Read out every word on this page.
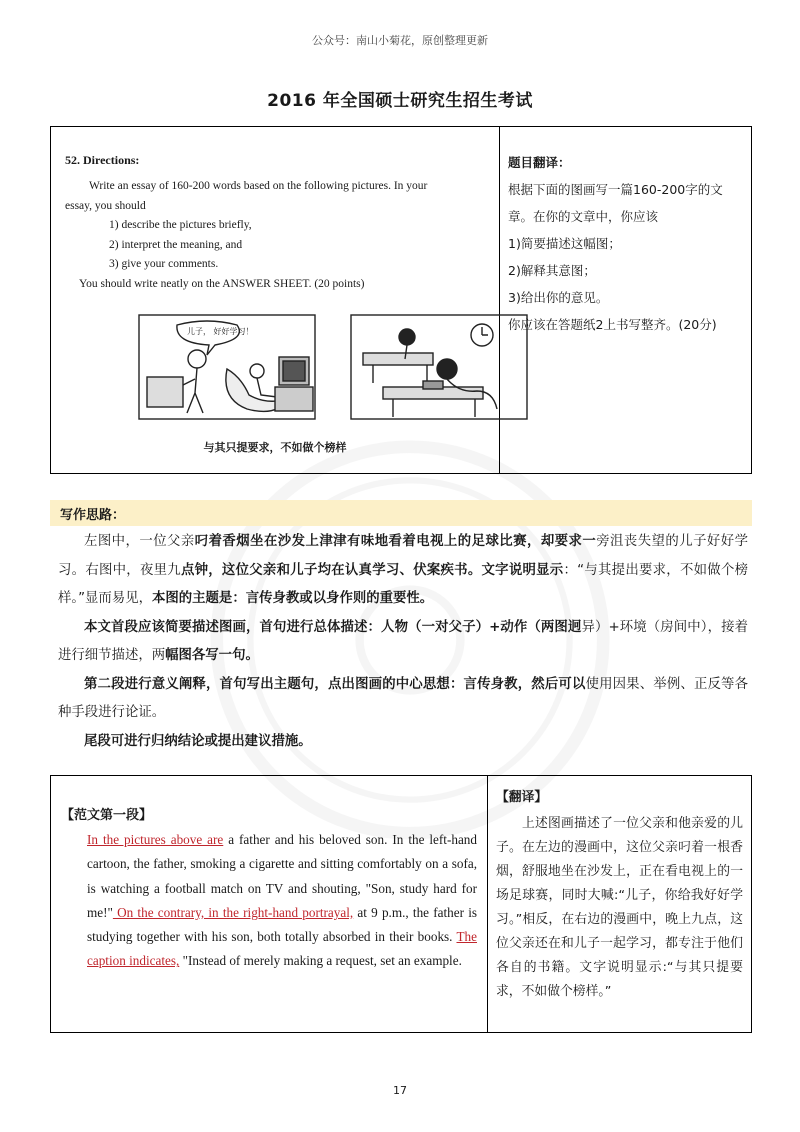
公众号：南山小菊花，原创整理更新
2016 年全国硕士研究生招生考试
52. Directions:
Write an essay of 160-200 words based on the following pictures. In your
essay, you should
1) describe the pictures briefly,
2) interpret the meaning, and
3) give your comments.
You should write neatly on the ANSWER SHEET. (20 points)
儿子， 好好学习！
与其只提要求，不如做个榜样
题目翻译：
根据下面的图画写一篇160-200字的文章。在你的文章中，你应该
1)简要描述这幅图；
2)解释其意图；
3)给出你的意见。
你应该在答题纸2上书写整齐。(20分)
写作思路：

左图中，一位父亲叼着香烟坐在沙发上津津有味地看着电视上的足球比赛，却要求一旁沮丧失望的儿子好好学习。右图中，夜里九点钟，这位父亲和儿子均在认真学习、伏案疾书。文字说明显示：“与其提出要求，不如做个榜样。”显而易见，本图的主题是：言传身教或以身作则的重要性。

本文首段应该简要描述图画，首句进行总体描述：人物（一对父子）+动作（两图迥异）+环境（房间中），接着进行细节描述，两幅图各写一句。

第二段进行意义阐释，首句写出主题句，点出图画的中心思想：言传身教，然后可以使用因果、举例、正反等各种手段进行论证。

尾段可进行归纳结论或提出建议措施。

【范文第一段】
In the pictures above are a father and his beloved son. In the left-hand cartoon, the father, smoking a cigarette and sitting comfortably on a sofa, is watching a football match on TV and shouting, "Son, study hard for me!" On the contrary, in the right-hand portrayal, at 9 p.m., the father is studying together with his son, both totally absorbed in their books. The caption indicates, "Instead of merely making a request, set an example.
【翻译】
上述图画描述了一位父亲和他亲爱的儿子。在左边的漫画中，这位父亲叼着一根香烟，舒服地坐在沙发上，正在看电视上的一场足球赛，同时大喊:“儿子，你给我好好学习。”相反，在右边的漫画中，晚上九点，这位父亲还在和儿子一起学习，都专注于他们各自的书籍。文字说明显示:“与其只提要求，不如做个榜样。”
17
